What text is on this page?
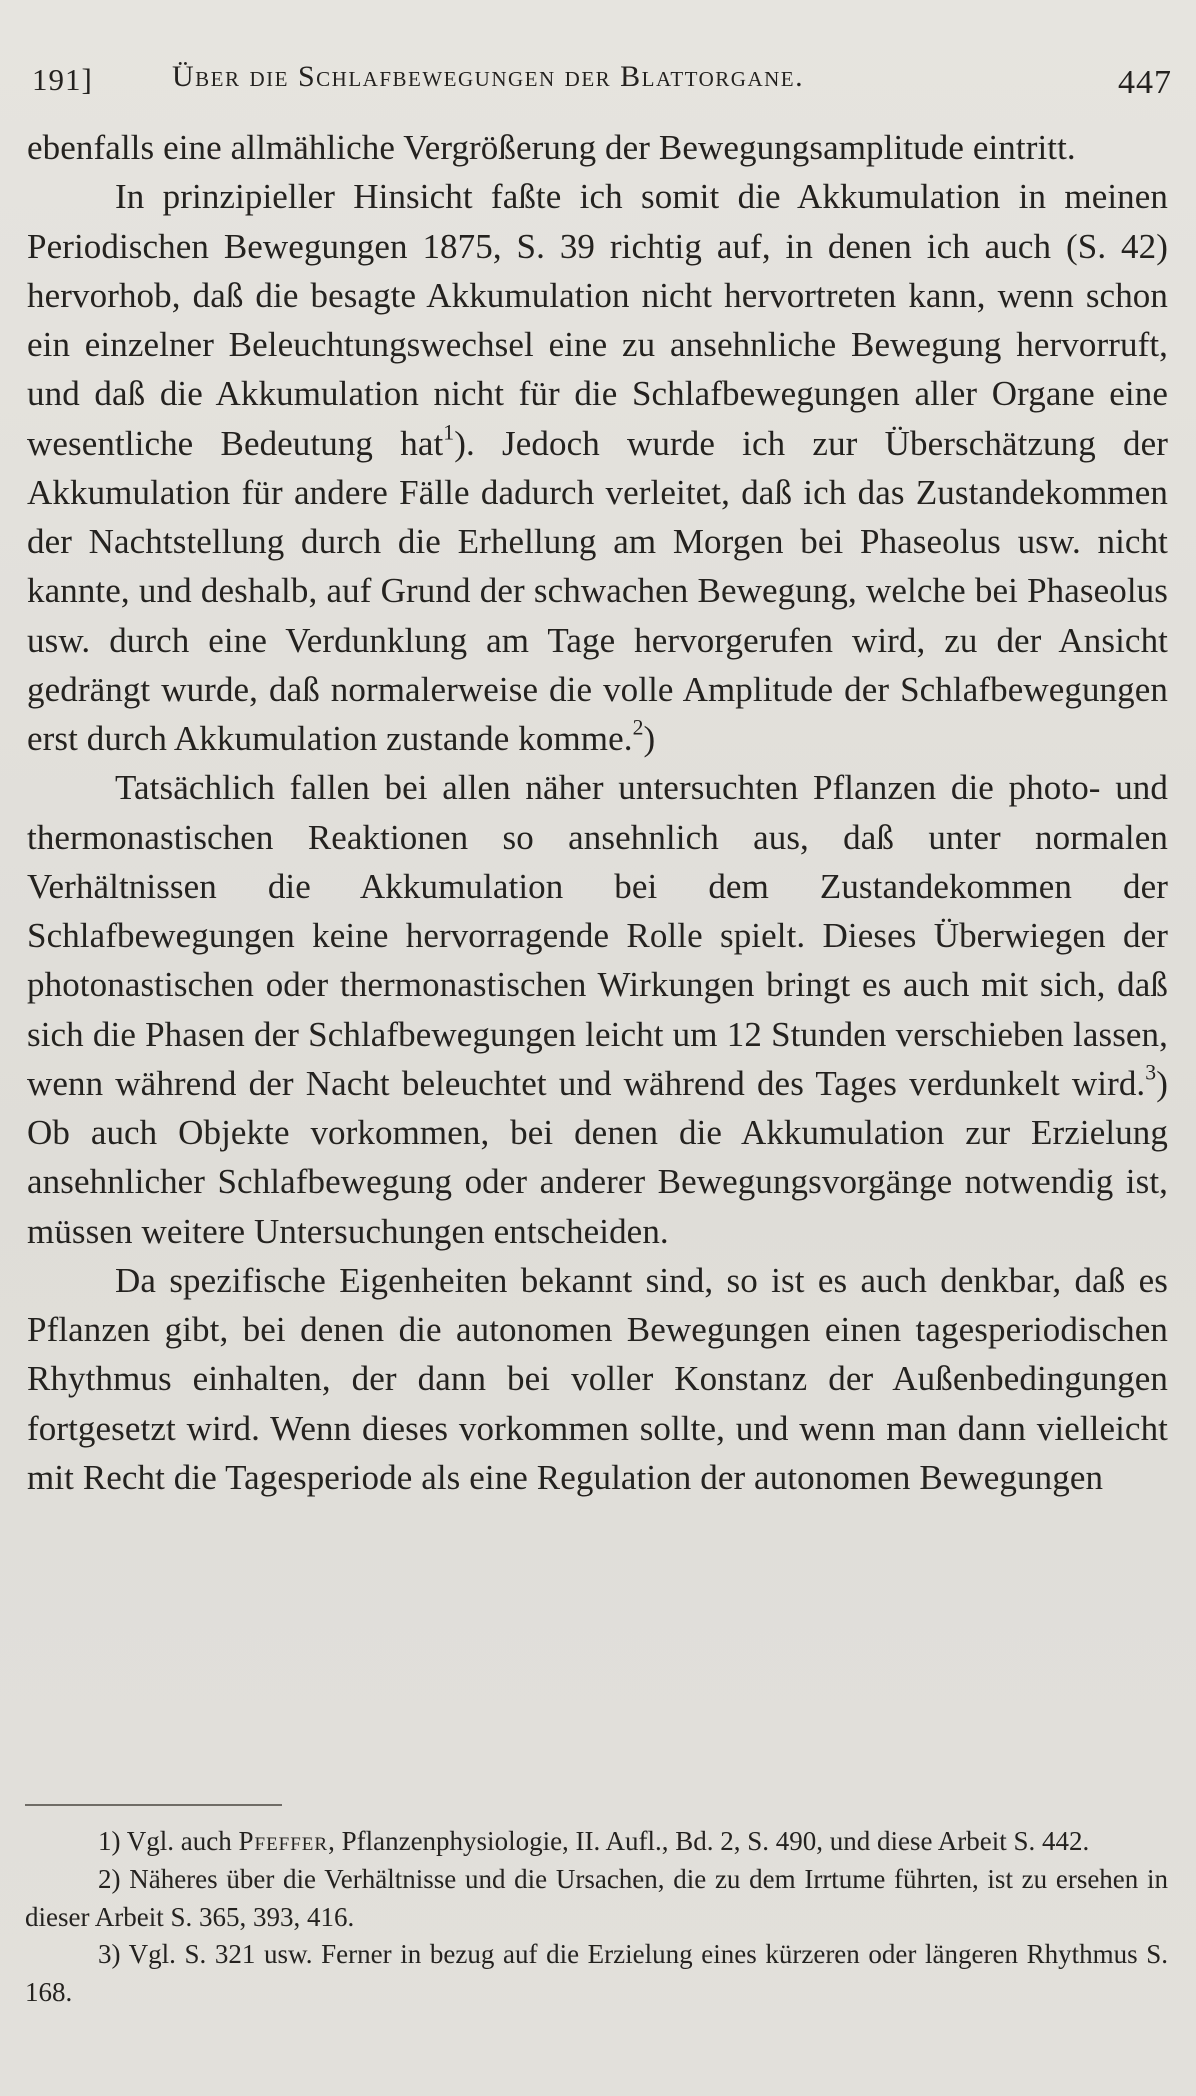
191]	Über die Schlafbewegungen der Blattorgane.	447

ebenfalls eine allmähliche Vergrößerung der Bewegungsamplitude eintritt.

In prinzipieller Hinsicht faßte ich somit die Akkumulation in meinen Periodischen Bewegungen 1875, S. 39 richtig auf, in denen ich auch (S. 42) hervorhob, daß die besagte Akkumulation nicht hervortreten kann, wenn schon ein einzelner Beleuchtungswechsel eine zu ansehnliche Bewegung hervorruft, und daß die Akkumulation nicht für die Schlafbewegungen aller Organe eine wesentliche Bedeutung hat$^1$). Jedoch wurde ich zur Überschätzung der Akkumulation für andere Fälle dadurch verleitet, daß ich das Zustandekommen der Nachtstellung durch die Erhellung am Morgen bei Phaseolus usw. nicht kannte, und deshalb, auf Grund der schwachen Bewegung, welche bei Phaseolus usw. durch eine Verdunklung am Tage hervorgerufen wird, zu der Ansicht gedrängt wurde, daß normalerweise die volle Amplitude der Schlafbewegungen erst durch Akkumulation zustande komme.$^2$)

Tatsächlich fallen bei allen näher untersuchten Pflanzen die photo- und thermonastischen Reaktionen so ansehnlich aus, daß unter normalen Verhältnissen die Akkumulation bei dem Zustandekommen der Schlafbewegungen keine hervorragende Rolle spielt. Dieses Überwiegen der photonastischen oder thermonastischen Wirkungen bringt es auch mit sich, daß sich die Phasen der Schlafbewegungen leicht um 12 Stunden verschieben lassen, wenn während der Nacht beleuchtet und während des Tages verdunkelt wird.$^3$) Ob auch Objekte vorkommen, bei denen die Akkumulation zur Erzielung ansehnlicher Schlafbewegung oder anderer Bewegungsvorgänge notwendig ist, müssen weitere Untersuchungen entscheiden.

Da spezifische Eigenheiten bekannt sind, so ist es auch denkbar, daß es Pflanzen gibt, bei denen die autonomen Bewegungen einen tagesperiodischen Rhythmus einhalten, der dann bei voller Konstanz der Außenbedingungen fortgesetzt wird. Wenn dieses vorkommen sollte, und wenn man dann vielleicht mit Recht die Tagesperiode als eine Regulation der autonomen Bewegungen

1) Vgl. auch Pfeffer, Pflanzenphysiologie, II. Aufl., Bd. 2, S. 490, und diese Arbeit S. 442.

2) Näheres über die Verhältnisse und die Ursachen, die zu dem Irrtume führten, ist zu ersehen in dieser Arbeit S. 365, 393, 416.

3) Vgl. S. 321 usw. Ferner in bezug auf die Erzielung eines kürzeren oder längeren Rhythmus S. 168.
